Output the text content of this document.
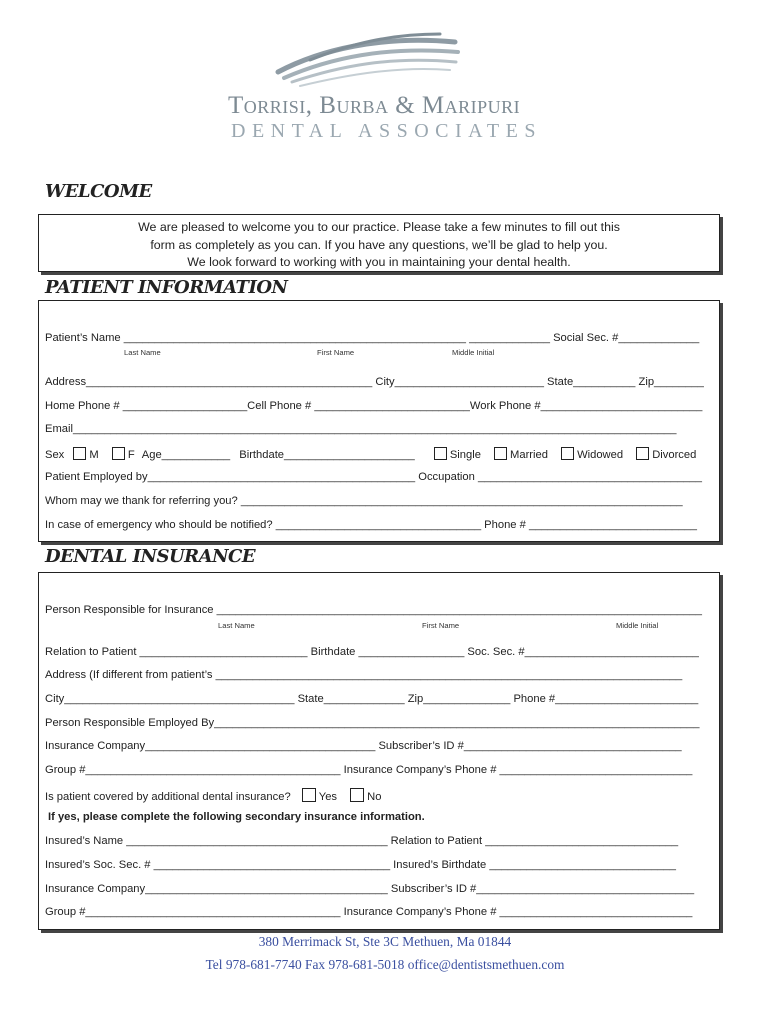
Torrisi, Burba & Maripuri
DENTAL ASSOCIATES
WELCOME
We are pleased to welcome you to our practice. Please take a few minutes to fill out this
form as completely as you can. If you have any questions, we’ll be glad to help you.
We look forward to working with you in maintaining your dental health.
PATIENT INFORMATION
Patient’s Name _______________________________________________________ _____________ Social Sec. #_____________
Last Name	First Name	Middle Initial
Address______________________________________________ City________________________ State__________ Zip________
Home Phone # ____________________Cell Phone # _________________________Work Phone #__________________________
Email_________________________________________________________________________________________________
Sex M	F Age___________ Birthdate_____________________	Single	Married	Widowed	Divorced
Patient Employed by___________________________________________ Occupation ____________________________________
Whom may we thank for referring you? _______________________________________________________________________
In case of emergency who should be notified? _________________________________ Phone # ___________________________
DENTAL INSURANCE
Person Responsible for Insurance ______________________________________________________________________________
Last Name	First Name	Middle Initial
Relation to Patient ___________________________ Birthdate _________________ Soc. Sec. #____________________________
Address (If different from patient’s ___________________________________________________________________________
City_____________________________________ State_____________ Zip______________ Phone #_______________________
Person Responsible Employed By______________________________________________________________________________
Insurance Company_____________________________________ Subscriber’s ID #___________________________________
Group #_________________________________________ Insurance Company’s Phone # _______________________________
Is patient covered by additional dental insurance?	Yes	No
If yes, please complete the following secondary insurance information.
Insured’s Name __________________________________________ Relation to Patient _______________________________
Insured’s Soc. Sec. # ______________________________________ Insured’s Birthdate ______________________________
Insurance Company_______________________________________ Subscriber’s ID #___________________________________
Group #_________________________________________ Insurance Company’s Phone # _______________________________
380 Merrimack St, Ste 3C Methuen, Ma 01844
Tel 978-681-7740 Fax 978-681-5018 office@dentistsmethuen.com
